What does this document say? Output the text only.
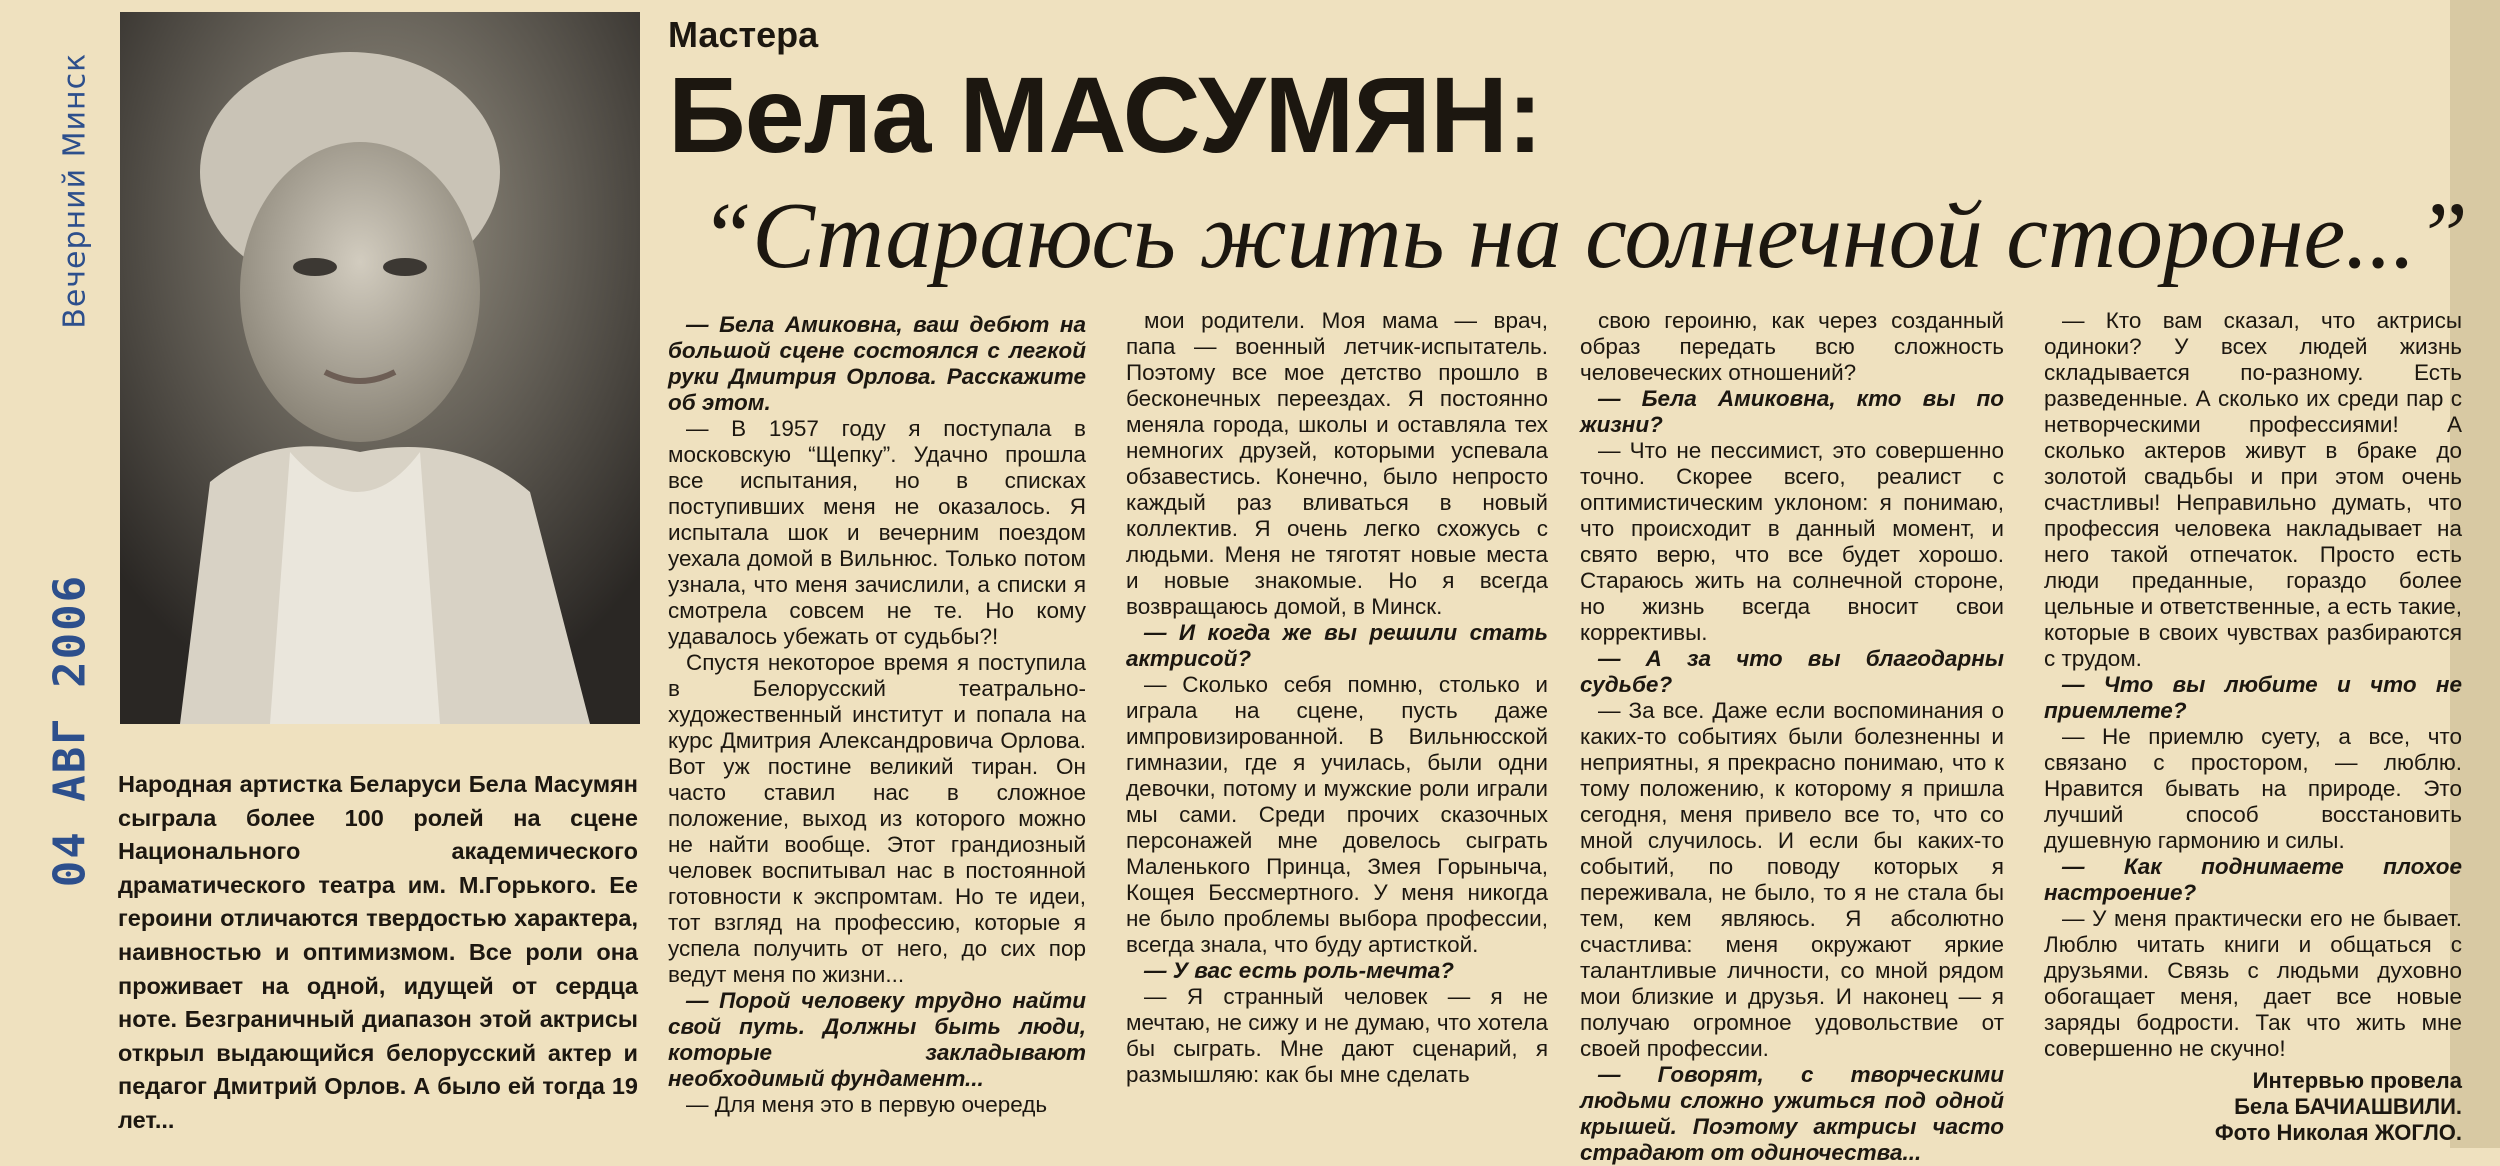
04 АВГ 2006 Вечерний Минск
Народная артистка Беларуси Бела Масумян сыграла более 100 ролей на сцене Национального академического драматического театра им. М.Горького. Ее героини отличаются твердостью характера, наивностью и оптимизмом. Все роли она проживает на одной, идущей от сердца ноте. Безграничный диапазон этой актрисы открыл выдающийся белорусский актер и педагог Дмитрий Орлов. А было ей тогда 19 лет...
Мастера
Бела МАСУМЯН:
“Стараюсь жить на солнечной стороне...”

— Бела Амиковна, ваш дебют на большой сцене состоялся с легкой руки Дмитрия Орлова. Расскажите об этом.

— В 1957 году я поступала в московскую “Щепку”. Удачно прошла все испытания, но в списках поступивших меня не оказалось. Я испытала шок и вечерним поездом уехала домой в Вильнюс. Только потом узнала, что меня зачислили, а списки я смотрела совсем не те. Но кому удавалось убежать от судьбы?!

Спустя некоторое время я поступила в Белорусский театрально-художественный институт и попала на курс Дмитрия Александровича Орлова. Вот уж постине великий тиран. Он часто ставил нас в сложное положение, выход из которого можно не найти вообще. Этот грандиозный человек воспитывал нас в постоянной готовности к экспромтам. Но те идеи, тот взгляд на профессию, которые я успела получить от него, до сих пор ведут меня по жизни...

— Порой человеку трудно найти свой путь. Должны быть люди, которые закладывают необходимый фундамент...

— Для меня это в первую очередь

мои родители. Моя мама — врач, папа — военный летчик-испытатель. Поэтому все мое детство прошло в бесконечных переездах. Я постоянно меняла города, школы и оставляла тех немногих друзей, которыми успевала обзавестись. Конечно, было непросто каждый раз вливаться в новый коллектив. Я очень легко схожусь с людьми. Меня не тяготят новые места и новые знакомые. Но я всегда возвращаюсь домой, в Минск.

— И когда же вы решили стать актрисой?

— Сколько себя помню, столько и играла на сцене, пусть даже импровизированной. В Вильнюсской гимназии, где я училась, были одни девочки, потому и мужские роли играли мы сами. Среди прочих сказочных персонажей мне довелось сыграть Маленького Принца, Змея Горыныча, Кощея Бессмертного. У меня никогда не было проблемы выбора профессии, всегда знала, что буду артисткой.

— У вас есть роль-мечта?

— Я странный человек — я не мечтаю, не сижу и не думаю, что хотела бы сыграть. Мне дают сценарий, я размышляю: как бы мне сделать

свою героиню, как через созданный образ передать всю сложность человеческих отношений?

— Бела Амиковна, кто вы по жизни?

— Что не пессимист, это совершенно точно. Скорее всего, реалист с оптимистическим уклоном: я понимаю, что происходит в данный момент, и свято верю, что все будет хорошо. Стараюсь жить на солнечной стороне, но жизнь всегда вносит свои коррективы.

— А за что вы благодарны судьбе?

— За все. Даже если воспоминания о каких-то событиях были болезненны и неприятны, я прекрасно понимаю, что к тому положению, к которому я пришла сегодня, меня привело все то, что со мной случилось. И если бы каких-то событий, по поводу которых я переживала, не было, то я не стала бы тем, кем являюсь. Я абсолютно счастлива: меня окружают яркие талантливые личности, со мной рядом мои близкие и друзья. И наконец — я получаю огромное удовольствие от своей профессии.

— Говорят, с творческими людьми сложно ужиться под одной крышей. Поэтому актрисы часто страдают от одиночества...

— Кто вам сказал, что актрисы одиноки? У всех людей жизнь складывается по-разному. Есть разведенные. А сколько их среди пар с нетворческими профессиями! А сколько актеров живут в браке до золотой свадьбы и при этом очень счастливы! Неправильно думать, что профессия человека накладывает на него такой отпечаток. Просто есть люди преданные, гораздо более цельные и ответственные, а есть такие, которые в своих чувствах разбираются с трудом.

— Что вы любите и что не приемлете?

— Не приемлю суету, а все, что связано с простором, — люблю. Нравится бывать на природе. Это лучший способ восстановить душевную гармонию и силы.

— Как поднимаете плохое настроение?

— У меня практически его не бывает. Люблю читать книги и общаться с друзьями. Связь с людьми духовно обогащает меня, дает все новые заряды бодрости. Так что жить мне совершенно не скучно!

Интервью провела
Бела БАЧИАШВИЛИ.
Фото Николая ЖОГЛО.
